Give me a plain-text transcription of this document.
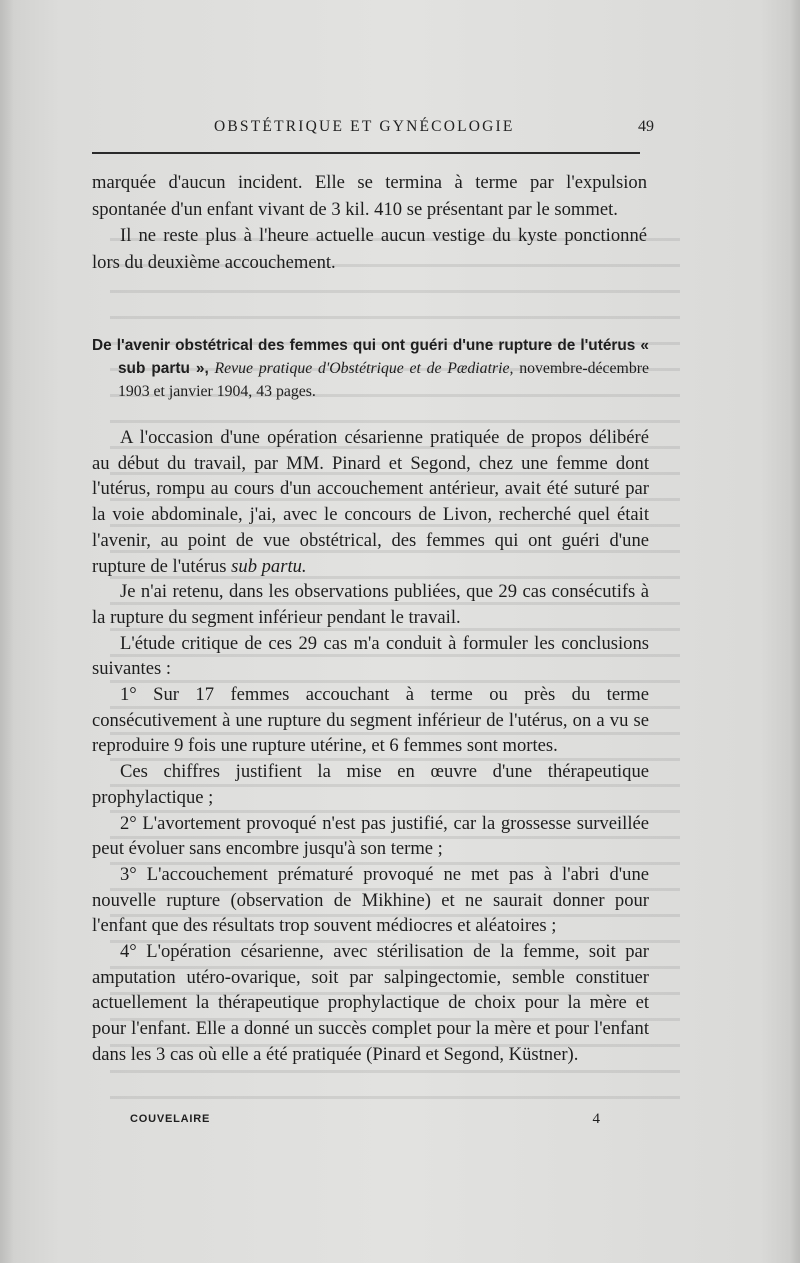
OBSTÉTRIQUE ET GYNÉCOLOGIE	49

marquée d'aucun incident. Elle se termina à terme par l'expulsion spontanée d'un enfant vivant de 3 kil. 410 se présentant par le sommet.

Il ne reste plus à l'heure actuelle aucun vestige du kyste ponctionné lors du deuxième accouchement.

De l'avenir obstétrical des femmes qui ont guéri d'une rupture de l'utérus « sub partu », Revue pratique d'Obstétrique et de Pædiatrie, novembre-décembre 1903 et janvier 1904, 43 pages.

A l'occasion d'une opération césarienne pratiquée de propos délibéré au début du travail, par MM. Pinard et Segond, chez une femme dont l'utérus, rompu au cours d'un accouchement antérieur, avait été suturé par la voie abdominale, j'ai, avec le concours de Livon, recherché quel était l'avenir, au point de vue obstétrical, des femmes qui ont guéri d'une rupture de l'utérus sub partu.

Je n'ai retenu, dans les observations publiées, que 29 cas consécutifs à la rupture du segment inférieur pendant le travail.

L'étude critique de ces 29 cas m'a conduit à formuler les conclusions suivantes :

1° Sur 17 femmes accouchant à terme ou près du terme consécutivement à une rupture du segment inférieur de l'utérus, on a vu se reproduire 9 fois une rupture utérine, et 6 femmes sont mortes.

Ces chiffres justifient la mise en œuvre d'une thérapeutique prophylactique ;

2° L'avortement provoqué n'est pas justifié, car la grossesse surveillée peut évoluer sans encombre jusqu'à son terme ;

3° L'accouchement prématuré provoqué ne met pas à l'abri d'une nouvelle rupture (observation de Mikhine) et ne saurait donner pour l'enfant que des résultats trop souvent médiocres et aléatoires ;

4° L'opération césarienne, avec stérilisation de la femme, soit par amputation utéro-ovarique, soit par salpingectomie, semble constituer actuellement la thérapeutique prophylactique de choix pour la mère et pour l'enfant. Elle a donné un succès complet pour la mère et pour l'enfant dans les 3 cas où elle a été pratiquée (Pinard et Segond, Küstner).

COUVELAIRE	4
